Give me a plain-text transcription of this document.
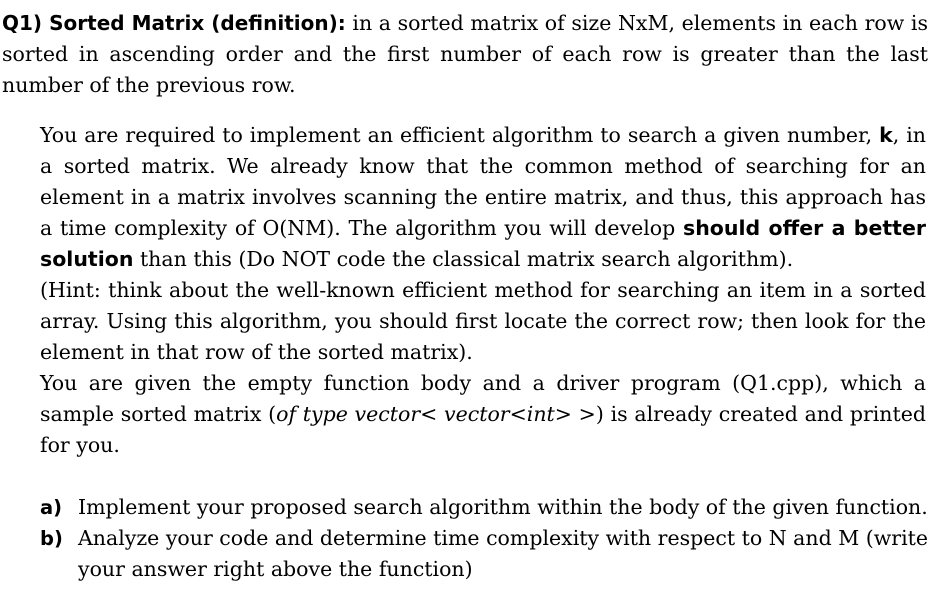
Q1) Sorted Matrix (definition): in a sorted matrix of size NxM, elements in each row is sorted in ascending order and the first number of each row is greater than the last number of the previous row.

You are required to implement an efficient algorithm to search a given number, k, in a sorted matrix. We already know that the common method of searching for an element in a matrix involves scanning the entire matrix, and thus, this approach has a time complexity of O(NM). The algorithm you will develop should offer a better solution than this (Do NOT code the classical matrix search algorithm).

(Hint: think about the well-known efficient method for searching an item in a sorted array. Using this algorithm, you should first locate the correct row; then look for the element in that row of the sorted matrix).

You are given the empty function body and a driver program (Q1.cpp), which a sample sorted matrix (of type vector< vector<int> >) is already created and printed for you.

a) Implement your proposed search algorithm within the body of the given function.
b) Analyze your code and determine time complexity with respect to N and M (write your answer right above the function)
